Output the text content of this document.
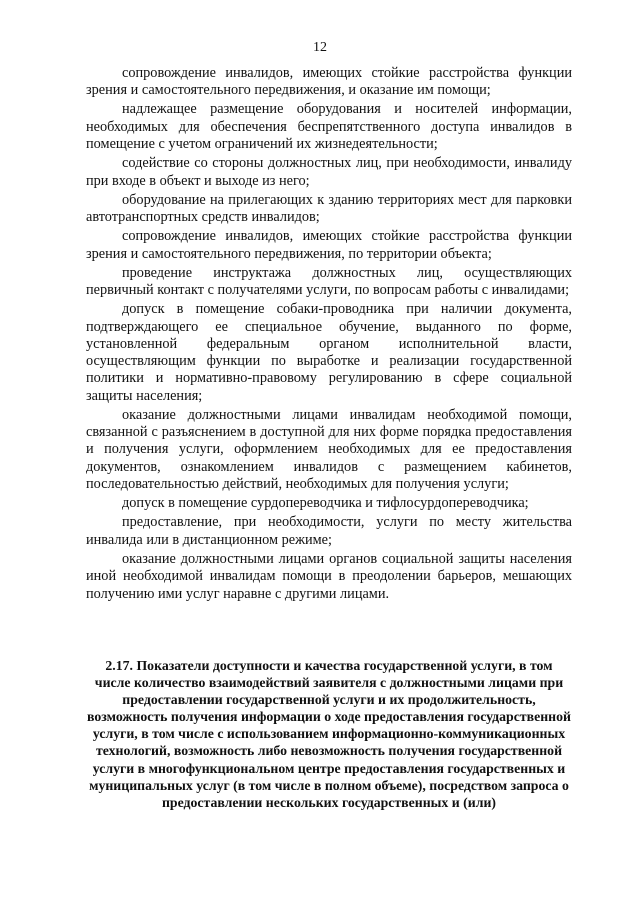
12

сопровождение инвалидов, имеющих стойкие расстройства функции зрения и самостоятельного передвижения, и оказание им помощи;

надлежащее размещение оборудования и носителей информации, необходимых для обеспечения беспрепятственного доступа инвалидов в помещение с учетом ограничений их жизнедеятельности;

содействие со стороны должностных лиц, при необходимости, инвалиду при входе в объект и выходе из него;

оборудование на прилегающих к зданию территориях мест для парковки автотранспортных средств инвалидов;

сопровождение инвалидов, имеющих стойкие расстройства функции зрения и самостоятельного передвижения, по территории объекта;

проведение инструктажа должностных лиц, осуществляющих первичный контакт с получателями услуги, по вопросам работы с инвалидами;

допуск в помещение собаки-проводника при наличии документа, подтверждающего ее специальное обучение, выданного по форме, установленной федеральным органом исполнительной власти, осуществляющим функции по выработке и реализации государственной политики и нормативно-правовому регулированию в сфере социальной защиты населения;

оказание должностными лицами инвалидам необходимой помощи, связанной с разъяснением в доступной для них форме порядка предоставления и получения услуги, оформлением необходимых для ее предоставления документов, ознакомлением инвалидов с размещением кабинетов, последовательностью действий, необходимых для получения услуги;

допуск в помещение сурдопереводчика и тифлосурдопереводчика;

предоставление, при необходимости, услуги по месту жительства инвалида или в дистанционном режиме;

оказание должностными лицами органов социальной защиты населения иной необходимой инвалидам помощи в преодолении барьеров, мешающих получению ими услуг наравне с другими лицами.

2.17. Показатели доступности и качества государственной услуги, в том числе количество взаимодействий заявителя с должностными лицами при предоставлении государственной услуги и их продолжительность, возможность получения информации о ходе предоставления государственной услуги, в том числе с использованием информационно-коммуникационных технологий, возможность либо невозможность получения государственной услуги в многофункциональном центре предоставления государственных и муниципальных услуг (в том числе в полном объеме), посредством запроса о предоставлении нескольких государственных и (или)
